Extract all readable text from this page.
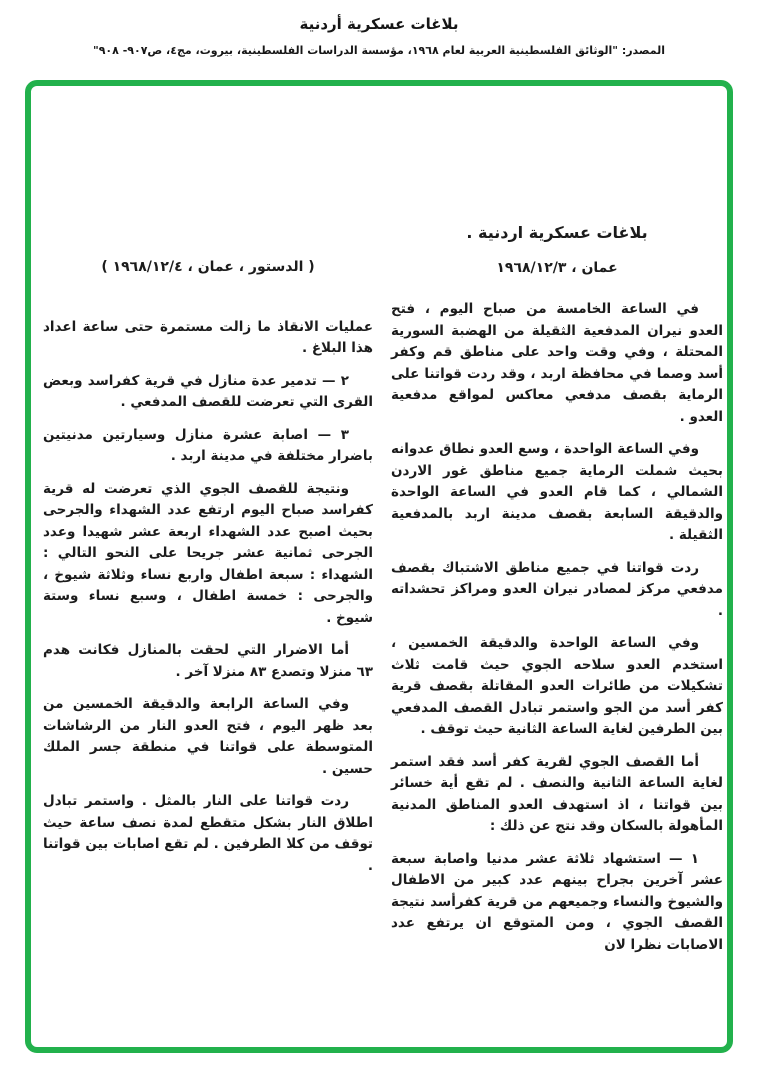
بلاغات عسكرية أردنية
المصدر: "الوثائق الفلسطينية العربية لعام ١٩٦٨، مؤسسة الدراسات الفلسطينية، بيروت، مج٤، ص٩٠٧- ٩٠٨"
بلاغات عسكرية اردنية .
عمان ، ١٩٦٨/١٢/٣
في الساعة الخامسة من صباح اليوم ، فتح العدو نيران المدفعية الثقيلة من الهضبة السورية المحتلة ، وفي وقت واحد على مناطق قم وكفر أسد وصما في محافظة اربد ، وقد ردت قواتنا على الرماية بقصف مدفعي معاكس لمواقع مدفعية العدو .
وفي الساعة الواحدة ، وسع العدو نطاق عدوانه بحيث شملت الرماية جميع مناطق غور الاردن الشمالي ، كما قام العدو في الساعة الواحدة والدقيقة السابعة بقصف مدينة اربد بالمدفعية الثقيلة .
ردت قواتنا في جميع مناطق الاشتباك بقصف مدفعي مركز لمصادر نيران العدو ومراكز تحشداته .
وفي الساعة الواحدة والدقيقة الخمسين ، استخدم العدو سلاحه الجوي حيث قامت ثلاث تشكيلات من طائرات العدو المقاتلة بقصف قرية كفر أسد من الجو واستمر تبادل القصف المدفعي بين الطرفين لغاية الساعة الثانية حيث توقف .
أما القصف الجوي لقرية كفر أسد فقد استمر لغاية الساعة الثانية والنصف . لم تقع أية خسائر بين قواتنا ، اذ استهدف العدو المناطق المدنية المأهولة بالسكان وقد نتج عن ذلك :
١ — استشهاد ثلاثة عشر مدنيا واصابة سبعة عشر آخرين بجراح بينهم عدد كبير من الاطفال والشيوخ والنساء وجميعهم من قرية كفرأسد نتيجة القصف الجوي ، ومن المتوقع ان يرتفع عدد الاصابات نظرا لان
( الدستور ، عمان ، ١٩٦٨/١٢/٤ )
عمليات الانقاذ ما زالت مستمرة حتى ساعة اعداد هذا البلاغ .
٢ — تدمير عدة منازل في قرية كفراسد وبعض القرى التي تعرضت للقصف المدفعي .
٣ — اصابة عشرة منازل وسيارتين مدنيتين باضرار مختلفة في مدينة اربد .
ونتيجة للقصف الجوي الذي تعرضت له قرية كفراسد صباح اليوم ارتفع عدد الشهداء والجرحى بحيث اصبح عدد الشهداء اربعة عشر شهيدا وعدد الجرحى ثمانية عشر جريحا على النحو التالي : الشهداء : سبعة اطفال واربع نساء وثلاثة شيوخ ، والجرحى : خمسة اطفال ، وسبع نساء وستة شيوخ .
أما الاضرار التي لحقت بالمنازل فكانت هدم ٦٣ منزلا وتصدع ٨٣ منزلا آخر .
وفي الساعة الرابعة والدقيقة الخمسين من بعد ظهر اليوم ، فتح العدو النار من الرشاشات المتوسطة على قواتنا في منطقة جسر الملك حسين .
ردت قواتنا على النار بالمثل . واستمر تبادل اطلاق النار بشكل متقطع لمدة نصف ساعة حيث توقف من كلا الطرفين . لم تقع اصابات بين قواتنا .
